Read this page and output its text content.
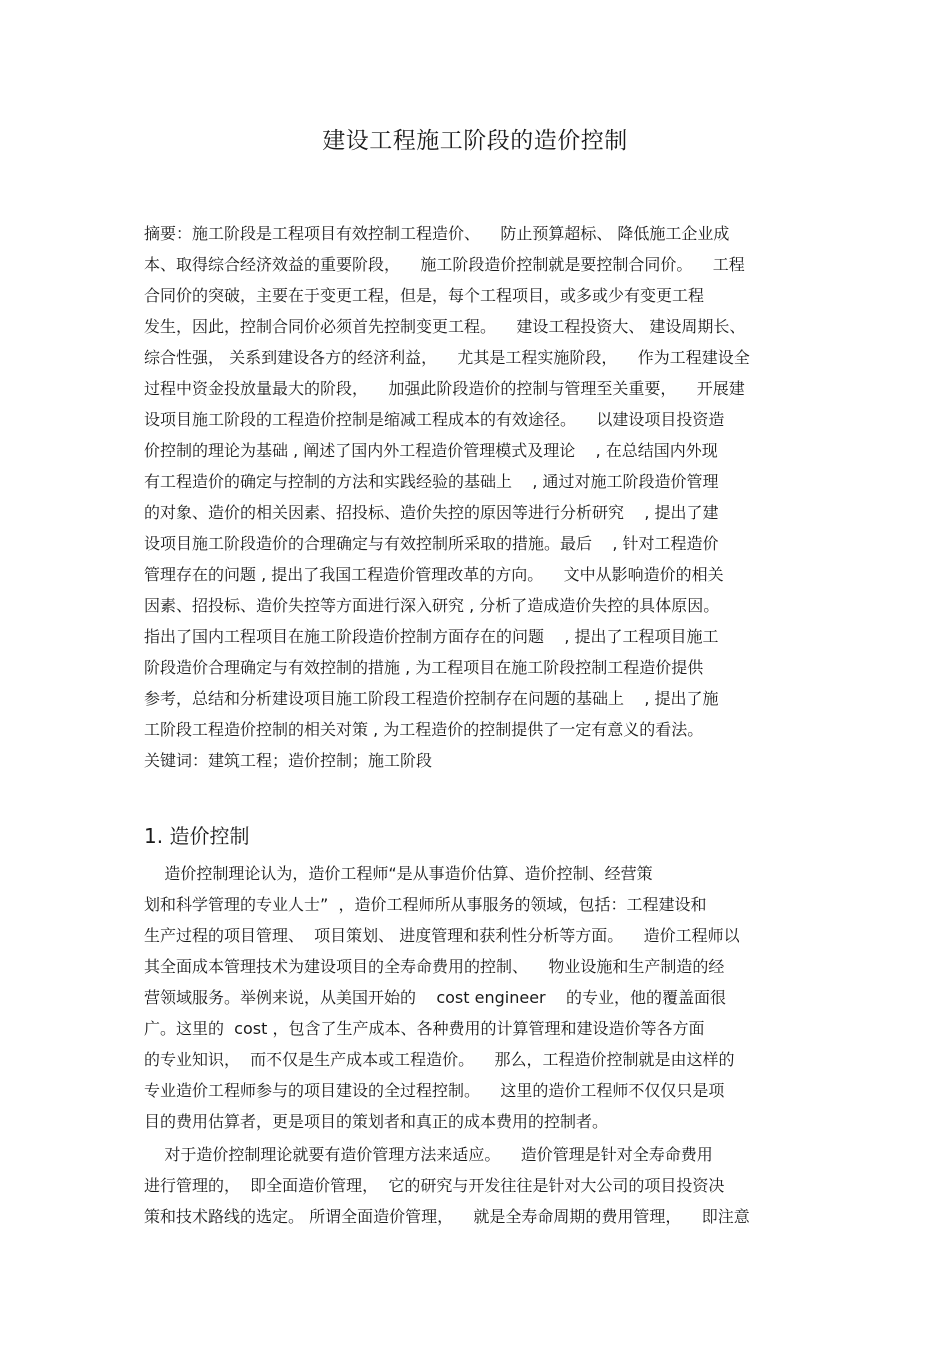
建设工程施工阶段的造价控制
摘要：施工阶段是工程项目有效控制工程造价、    防止预算超标、 降低施工企业成
本、取得综合经济效益的重要阶段，    施工阶段造价控制就是要控制合同价。    工程
合同价的突破，主要在于变更工程，但是，每个工程项目，或多或少有变更工程
发生，因此，控制合同价必须首先控制变更工程。    建设工程投资大、 建设周期长、
综合性强， 关系到建设各方的经济利益，    尤其是工程实施阶段，    作为工程建设全
过程中资金投放量最大的阶段，    加强此阶段造价的控制与管理至关重要，    开展建
设项目施工阶段的工程造价控制是缩减工程成本的有效途径。    以建设项目投资造
价控制的理论为基础 , 阐述了国内外工程造价管理模式及理论    , 在总结国内外现
有工程造价的确定与控制的方法和实践经验的基础上    , 通过对施工阶段造价管理
的对象、造价的相关因素、招投标、造价失控的原因等进行分析研究    , 提出了建
设项目施工阶段造价的合理确定与有效控制所采取的措施。最后    , 针对工程造价
管理存在的问题 , 提出了我国工程造价管理改革的方向。    文中从影响造价的相关
因素、招投标、造价失控等方面进行深入研究 , 分析了造成造价失控的具体原因。
指出了国内工程项目在施工阶段造价控制方面存在的问题    , 提出了工程项目施工
阶段造价合理确定与有效控制的措施 , 为工程项目在施工阶段控制工程造价提供
参考，总结和分析建设项目施工阶段工程造价控制存在问题的基础上    , 提出了施
工阶段工程造价控制的相关对策 , 为工程造价的控制提供了一定有意义的看法。
关键词：建筑工程；造价控制；施工阶段
1. 造价控制
造价控制理论认为，造价工程师“是从事造价估算、造价控制、经营策
划和科学管理的专业人士”  ，造价工程师所从事服务的领域，包括：工程建设和
生产过程的项目管理、  项目策划、 进度管理和获利性分析等方面。    造价工程师以
其全面成本管理技术为建设项目的全寿命费用的控制、    物业设施和生产制造的经
营领域服务。举例来说，从美国开始的    cost engineer    的专业，他的覆盖面很
广。这里的  cost ，包含了生产成本、各种费用的计算管理和建设造价等各方面
的专业知识，  而不仅是生产成本或工程造价。    那么，工程造价控制就是由这样的
专业造价工程师参与的项目建设的全过程控制。    这里的造价工程师不仅仅只是项
目的费用估算者，更是项目的策划者和真正的成本费用的控制者。
对于造价控制理论就要有造价管理方法来适应。    造价管理是针对全寿命费用
进行管理的，  即全面造价管理，  它的研究与开发往往是针对大公司的项目投资决
策和技术路线的选定。 所谓全面造价管理，    就是全寿命周期的费用管理，    即注意
